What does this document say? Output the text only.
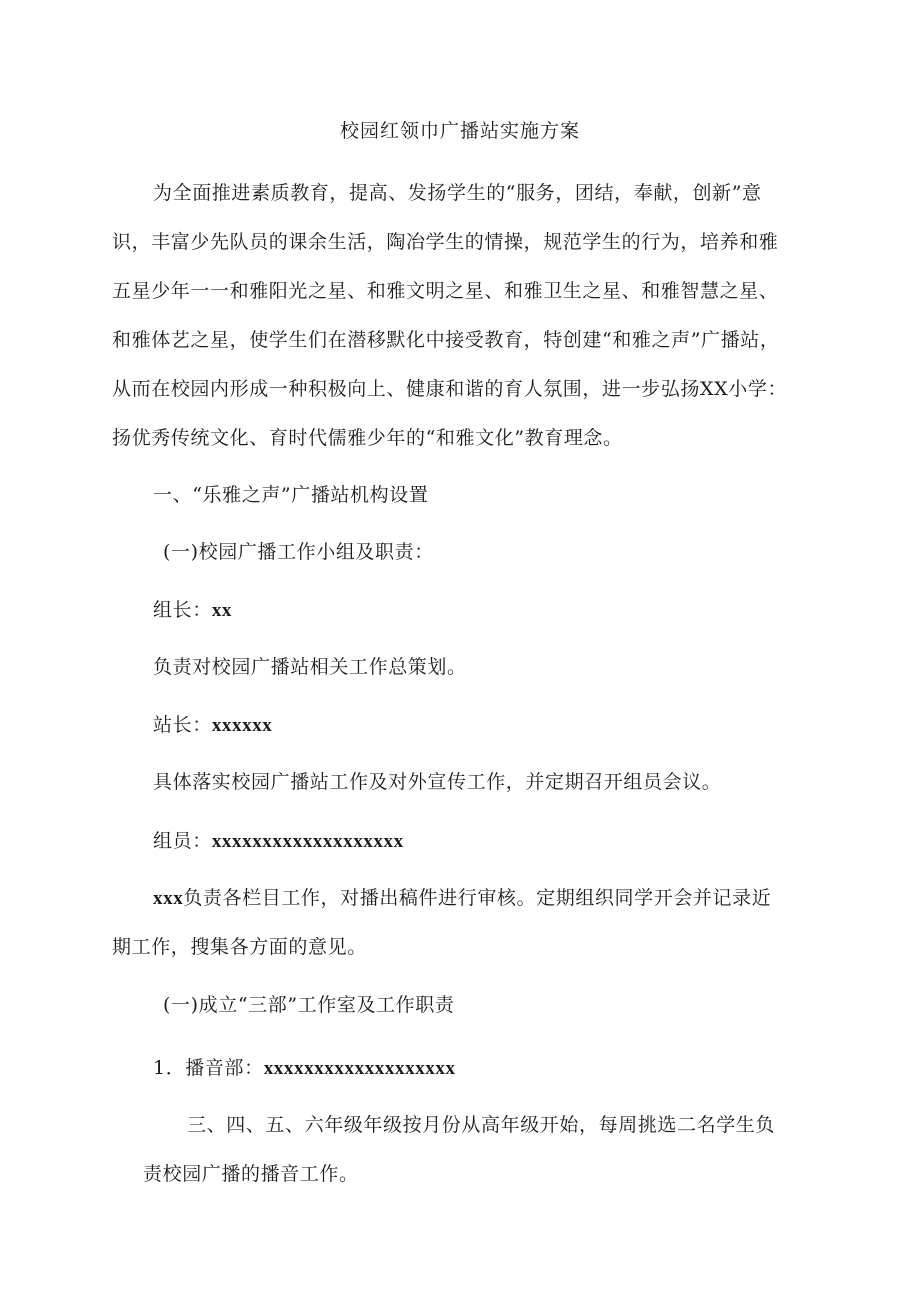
校园红领巾广播站实施方案
为全面推进素质教育，提高、发扬学生的“服务，团结，奉献，创新”意
识，丰富少先队员的课余生活，陶冶学生的情操，规范学生的行为，培养和雅
五星少年一一和雅阳光之星、和雅文明之星、和雅卫生之星、和雅智慧之星、
和雅体艺之星，使学生们在潜移默化中接受教育，特创建“和雅之声”广播站，
从而在校园内形成一种积极向上、健康和谐的育人氛围，进一步弘扬XX小学：
扬优秀传统文化、育时代儒雅少年的“和雅文化”教育理念。
一、“乐雅之声”广播站机构设置
(一)校园广播工作小组及职责：
组长：xx
负责对校园广播站相关工作总策划。
站长：xxxxxx
具体落实校园广播站工作及对外宣传工作，并定期召开组员会议。
组员：xxxxxxxxxxxxxxxxxxx
xxx负责各栏目工作，对播出稿件进行审核。定期组织同学开会并记录近
期工作，搜集各方面的意见。
(一)成立“三部”工作室及工作职责
1．播音部：xxxxxxxxxxxxxxxxxxx
三、四、五、六年级年级按月份从高年级开始，每周挑选二名学生负
责校园广播的播音工作。
